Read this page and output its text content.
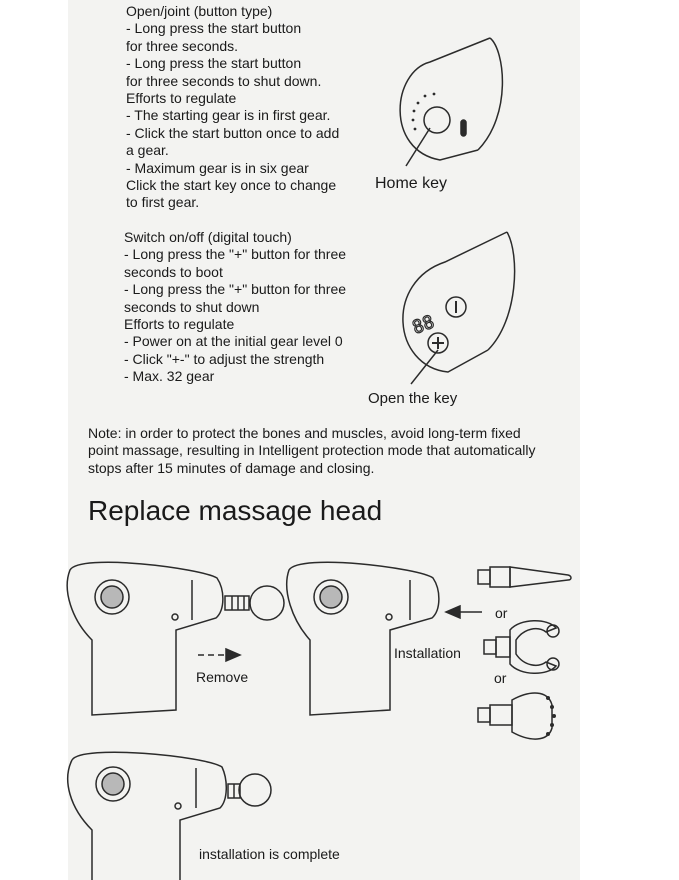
Open/joint (button type)
- Long press the start button
for three seconds.
- Long press the start button
for three seconds to shut down.
Efforts to regulate
- The starting gear is in first gear.
- Click the start button once to add
a gear.
- Maximum gear is in six gear
Click the start key once to change
to first gear.
Switch on/off (digital touch)
- Long press the "+" button for three
seconds to boot
- Long press the "+" button for three
seconds to shut down
Efforts to regulate
- Power on at the initial gear level 0
- Click "+-" to adjust the strength
- Max. 32 gear
Note: in order to protect the bones and muscles, avoid long-term fixed
point massage, resulting in Intelligent protection mode that automatically
stops after 15 minutes of damage and closing.
Replace massage head
Home key
Open the key
Remove
Installation
or
or
installation is complete
88
